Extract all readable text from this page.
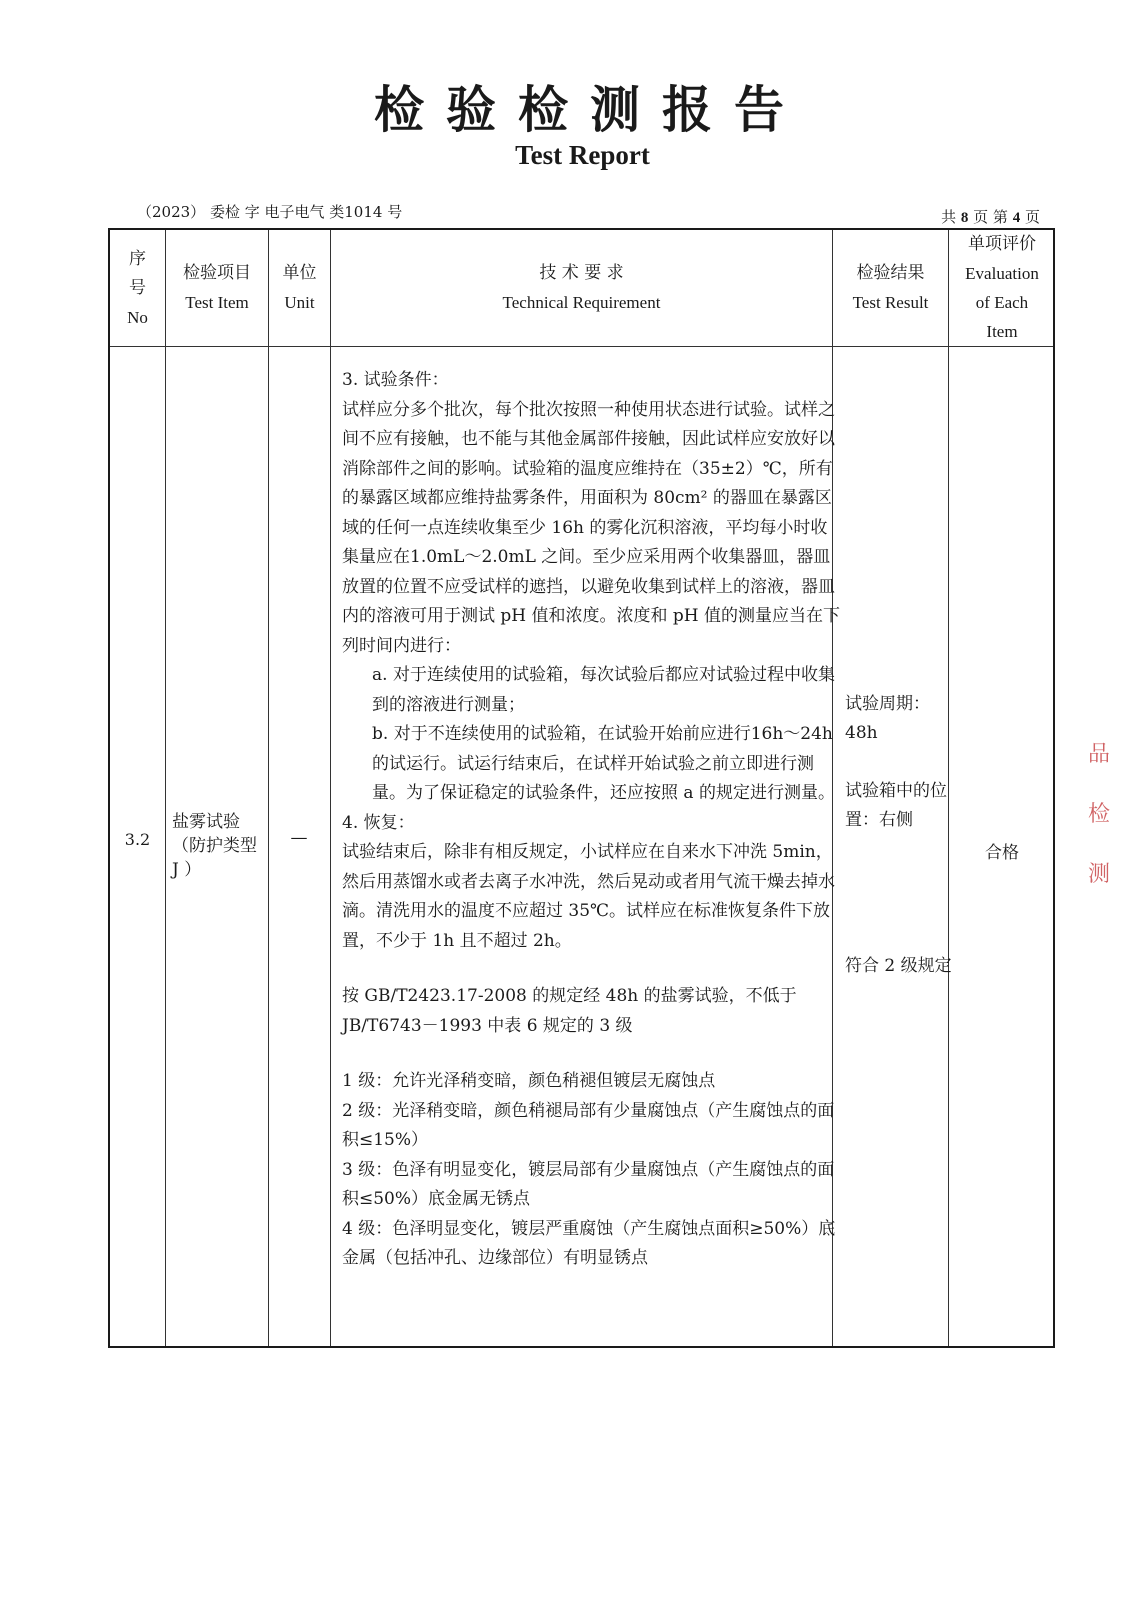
检验检测报告
Test Report
（2023） 委检 字 电子电气 类1014 号	共 8 页 第 4 页
序
号
No
检验项目
Test Item
单位
Unit
技 术 要 求
Technical Requirement
检验结果
Test Result
单项评价
Evaluation
of Each
Item
3.2
盐雾试验（防护类型 J ）
—

3. 试验条件：

试样应分多个批次，每个批次按照一种使用状态进行试验。试样之间不应有接触，也不能与其他金属部件接触，因此试样应安放好以消除部件之间的影响。试验箱的温度应维持在（35±2）℃，所有的暴露区域都应维持盐雾条件，用面积为 80cm² 的器皿在暴露区域的任何一点连续收集至少 16h 的雾化沉积溶液，平均每小时收集量应在1.0mL～2.0mL 之间。至少应采用两个收集器皿，器皿放置的位置不应受试样的遮挡，以避免收集到试样上的溶液，器皿内的溶液可用于测试 pH 值和浓度。浓度和 pH 值的测量应当在下列时间内进行：

a. 对于连续使用的试验箱，每次试验后都应对试验过程中收集到的溶液进行测量；

b. 对于不连续使用的试验箱，在试验开始前应进行16h～24h 的试运行。试运行结束后，在试样开始试验之前立即进行测量。为了保证稳定的试验条件，还应按照 a 的规定进行测量。

4. 恢复：

试验结束后，除非有相反规定，小试样应在自来水下冲洗 5min，然后用蒸馏水或者去离子水冲洗，然后晃动或者用气流干燥去掉水滴。清洗用水的温度不应超过 35℃。试样应在标准恢复条件下放置，不少于 1h 且不超过 2h。

按 GB/T2423.17-2008 的规定经 48h 的盐雾试验，不低于JB/T6743－1993 中表 6 规定的 3 级

1 级：允许光泽稍变暗，颜色稍褪但镀层无腐蚀点

2 级：光泽稍变暗，颜色稍褪局部有少量腐蚀点（产生腐蚀点的面积≤15%）

3 级：色泽有明显变化，镀层局部有少量腐蚀点（产生腐蚀点的面积≤50%）底金属无锈点

4 级：色泽明显变化，镀层严重腐蚀（产生腐蚀点面积≥50%）底金属（包括冲孔、边缘部位）有明显锈点

试验周期：48h
试验箱中的位置：右侧
符合 2 级规定
合格
品
检
测
